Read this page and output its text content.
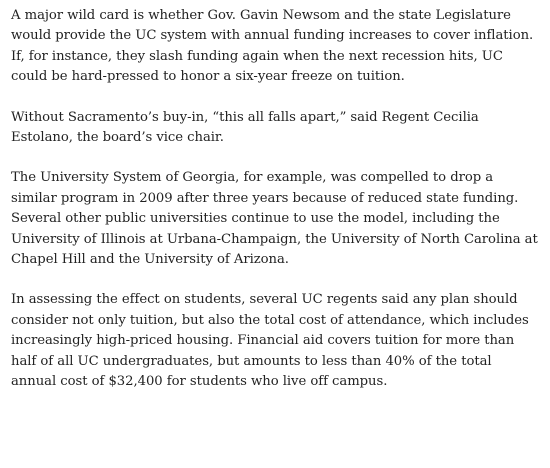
A major wild card is whether Gov. Gavin Newsom and the state Legislature would provide the UC system with annual funding increases to cover inflation. If, for instance, they slash funding again when the next recession hits, UC could be hard-pressed to honor a six-year freeze on tuition.

Without Sacramento’s buy-in, “this all falls apart,” said Regent Cecilia Estolano, the board’s vice chair.

The University System of Georgia, for example, was compelled to drop a similar program in 2009 after three years because of reduced state funding. Several other public universities continue to use the model, including the University of Illinois at Urbana-Champaign, the University of North Carolina at Chapel Hill and the University of Arizona.

In assessing the effect on students, several UC regents said any plan should consider not only tuition, but also the total cost of attendance, which includes increasingly high-priced housing. Financial aid covers tuition for more than half of all UC undergraduates, but amounts to less than 40% of the total annual cost of $32,400 for students who live off campus.
